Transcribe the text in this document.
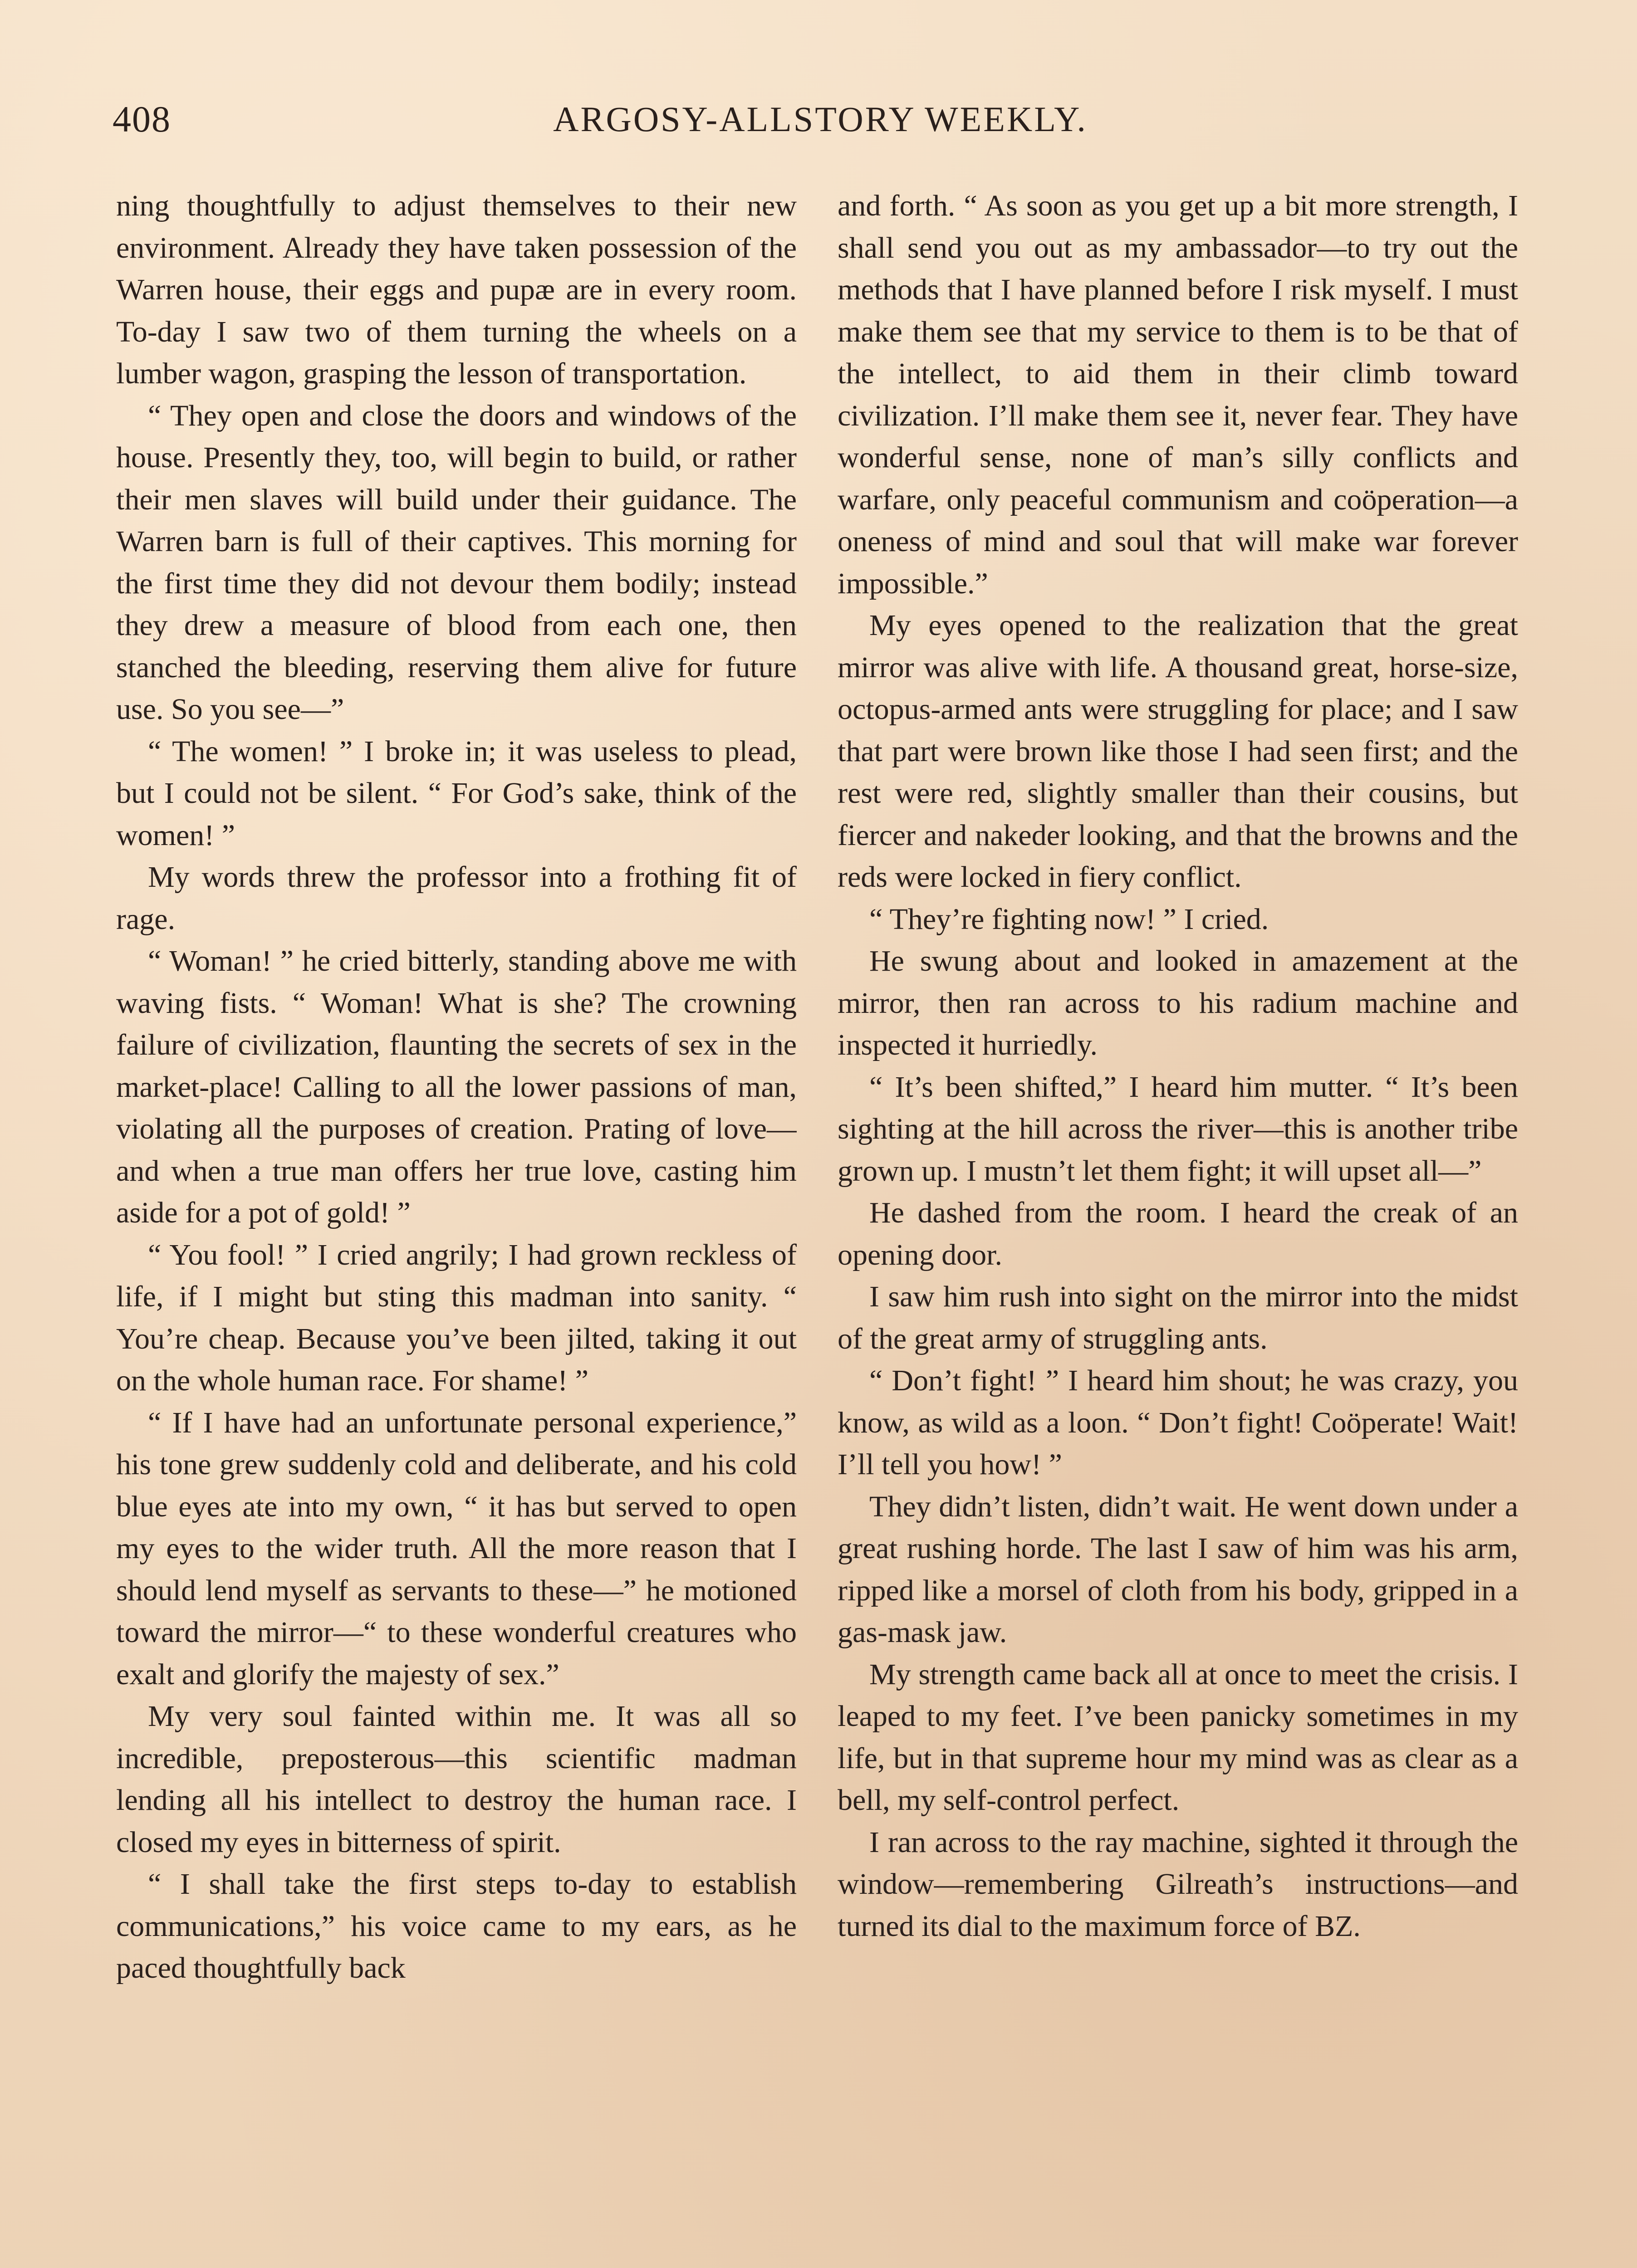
408	ARGOSY-ALLSTORY WEEKLY.

ning thoughtfully to adjust themselves to their new environment. Already they have taken possession of the Warren house, their eggs and pupæ are in every room. To-day I saw two of them turning the wheels on a lumber wagon, grasping the lesson of transportation.

“ They open and close the doors and windows of the house. Presently they, too, will begin to build, or rather their men slaves will build under their guidance. The Warren barn is full of their captives. This morning for the first time they did not devour them bodily; instead they drew a measure of blood from each one, then stanched the bleeding, reserving them alive for future use. So you see—”

“ The women! ” I broke in; it was useless to plead, but I could not be silent. “ For God’s sake, think of the women! ”

My words threw the professor into a frothing fit of rage.

“ Woman! ” he cried bitterly, standing above me with waving fists. “ Woman! What is she? The crowning failure of civilization, flaunting the secrets of sex in the market-place! Calling to all the lower passions of man, violating all the purposes of creation. Prating of love—and when a true man offers her true love, casting him aside for a pot of gold! ”

“ You fool! ” I cried angrily; I had grown reckless of life, if I might but sting this madman into sanity. “ You’re cheap. Because you’ve been jilted, taking it out on the whole human race. For shame! ”

“ If I have had an unfortunate personal experience,” his tone grew suddenly cold and deliberate, and his cold blue eyes ate into my own, “ it has but served to open my eyes to the wider truth. All the more reason that I should lend myself as servants to these—” he motioned toward the mirror—“ to these wonderful creatures who exalt and glorify the majesty of sex.”

My very soul fainted within me. It was all so incredible, preposterous—this scientific madman lending all his intellect to destroy the human race. I closed my eyes in bitterness of spirit.

“ I shall take the first steps to-day to establish communications,” his voice came to my ears, as he paced thoughtfully back

and forth. “ As soon as you get up a bit more strength, I shall send you out as my ambassador—to try out the methods that I have planned before I risk myself. I must make them see that my service to them is to be that of the intellect, to aid them in their climb toward civilization. I’ll make them see it, never fear. They have wonderful sense, none of man’s silly conflicts and warfare, only peaceful communism and coöperation—a oneness of mind and soul that will make war forever impossible.”

My eyes opened to the realization that the great mirror was alive with life. A thousand great, horse-size, octopus-armed ants were struggling for place; and I saw that part were brown like those I had seen first; and the rest were red, slightly smaller than their cousins, but fiercer and nakeder looking, and that the browns and the reds were locked in fiery conflict.

“ They’re fighting now! ” I cried.

He swung about and looked in amazement at the mirror, then ran across to his radium machine and inspected it hurriedly.

“ It’s been shifted,” I heard him mutter. “ It’s been sighting at the hill across the river—this is another tribe grown up. I mustn’t let them fight; it will upset all—”

He dashed from the room. I heard the creak of an opening door.

I saw him rush into sight on the mirror into the midst of the great army of struggling ants.

“ Don’t fight! ” I heard him shout; he was crazy, you know, as wild as a loon. “ Don’t fight! Coöperate! Wait! I’ll tell you how! ”

They didn’t listen, didn’t wait. He went down under a great rushing horde. The last I saw of him was his arm, ripped like a morsel of cloth from his body, gripped in a gas-mask jaw.

My strength came back all at once to meet the crisis. I leaped to my feet. I’ve been panicky sometimes in my life, but in that supreme hour my mind was as clear as a bell, my self-control perfect.

I ran across to the ray machine, sighted it through the window—remembering Gilreath’s instructions—and turned its dial to the maximum force of BZ.
